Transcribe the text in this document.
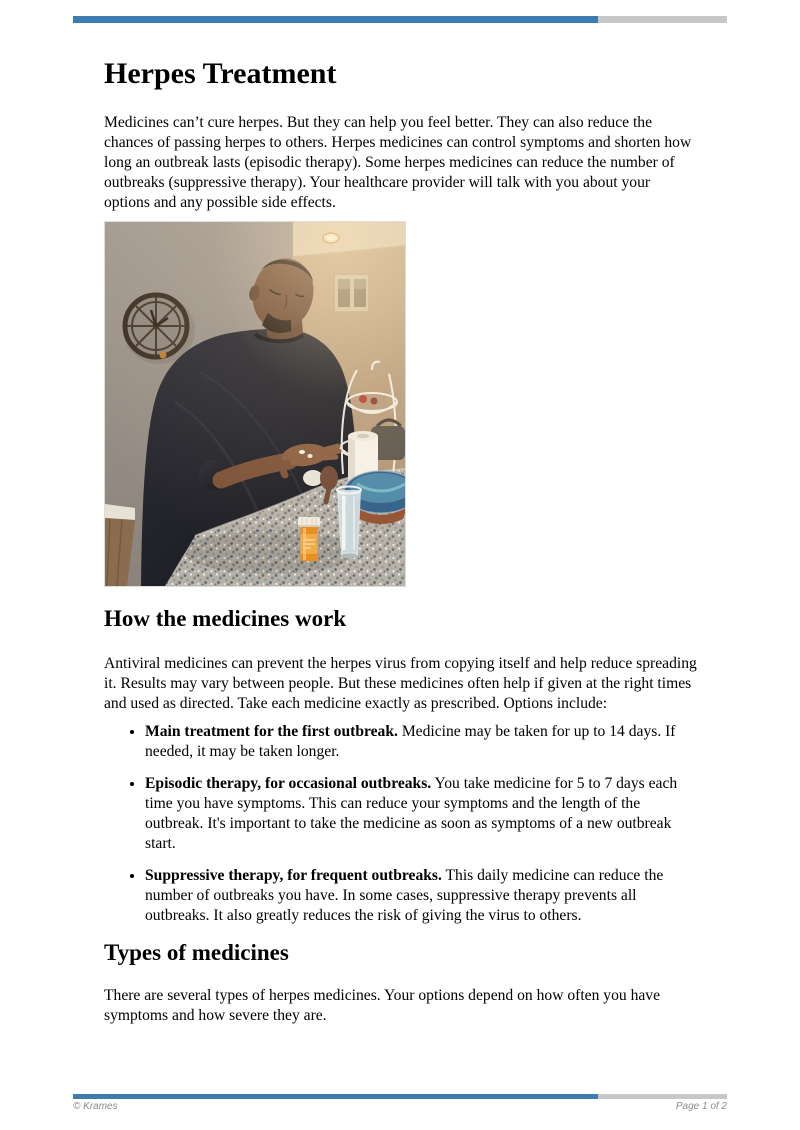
Herpes Treatment

Medicines can’t cure herpes. But they can help you feel better. They can also reduce the chances of passing herpes to others. Herpes medicines can control symptoms and shorten how long an outbreak lasts (episodic therapy). Some herpes medicines can reduce the number of outbreaks (suppressive therapy). Your healthcare provider will talk with you about your options and any possible side effects.

How the medicines work

Antiviral medicines can prevent the herpes virus from copying itself and help reduce spreading it. Results may vary between people. But these medicines often help if given at the right times and used as directed. Take each medicine exactly as prescribed. Options include:

• Main treatment for the first outbreak. Medicine may be taken for up to 14 days. If needed, it may be taken longer.
• Episodic therapy, for occasional outbreaks. You take medicine for 5 to 7 days each time you have symptoms. This can reduce your symptoms and the length of the outbreak. It's important to take the medicine as soon as symptoms of a new outbreak start.
• Suppressive therapy, for frequent outbreaks. This daily medicine can reduce the number of outbreaks you have. In some cases, suppressive therapy prevents all outbreaks. It also greatly reduces the risk of giving the virus to others.
Types of medicines

There are several types of herpes medicines. Your options depend on how often you have symptoms and how severe they are.

© Krames	Page 1 of 2
